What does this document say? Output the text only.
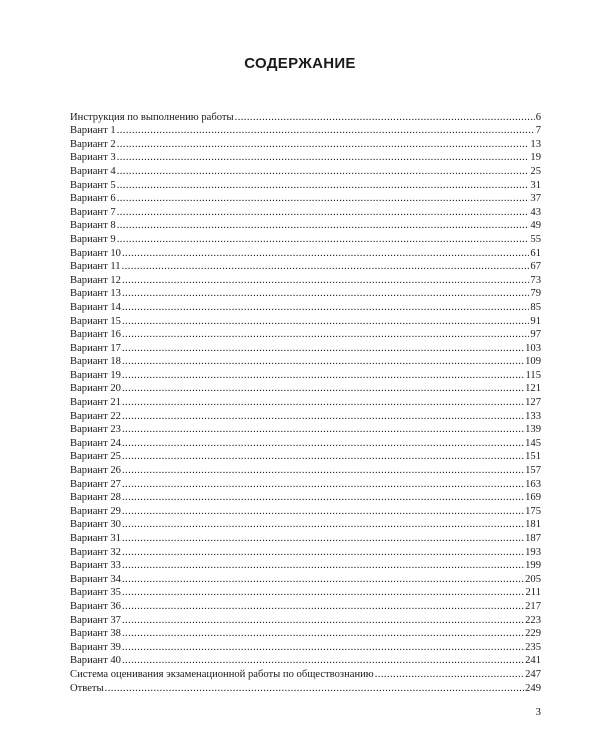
СОДЕРЖАНИЕ
Инструкция по выполнению работы .....	6
Вариант 1 .....	7
Вариант 2 .....	13
Вариант 3 .....	19
Вариант 4 .....	25
Вариант 5 .....	31
Вариант 6 .....	37
Вариант 7 .....	43
Вариант 8 .....	49
Вариант 9 .....	55
Вариант 10 .....	61
Вариант 11 .....	67
Вариант 12 .....	73
Вариант 13 .....	79
Вариант 14 .....	85
Вариант 15 .....	91
Вариант 16 .....	97
Вариант 17 .....	103
Вариант 18 .....	109
Вариант 19 .....	115
Вариант 20 .....	121
Вариант 21 .....	127
Вариант 22 .....	133
Вариант 23 .....	139
Вариант 24 .....	145
Вариант 25 .....	151
Вариант 26 .....	157
Вариант 27 .....	163
Вариант 28 .....	169
Вариант 29 .....	175
Вариант 30 .....	181
Вариант 31 .....	187
Вариант 32 .....	193
Вариант 33 .....	199
Вариант 34 .....	205
Вариант 35 .....	211
Вариант 36 .....	217
Вариант 37 .....	223
Вариант 38 .....	229
Вариант 39 .....	235
Вариант 40 .....	241
Система оценивания экзаменационной работы по обществознанию .....	247
Ответы .....	249
3
